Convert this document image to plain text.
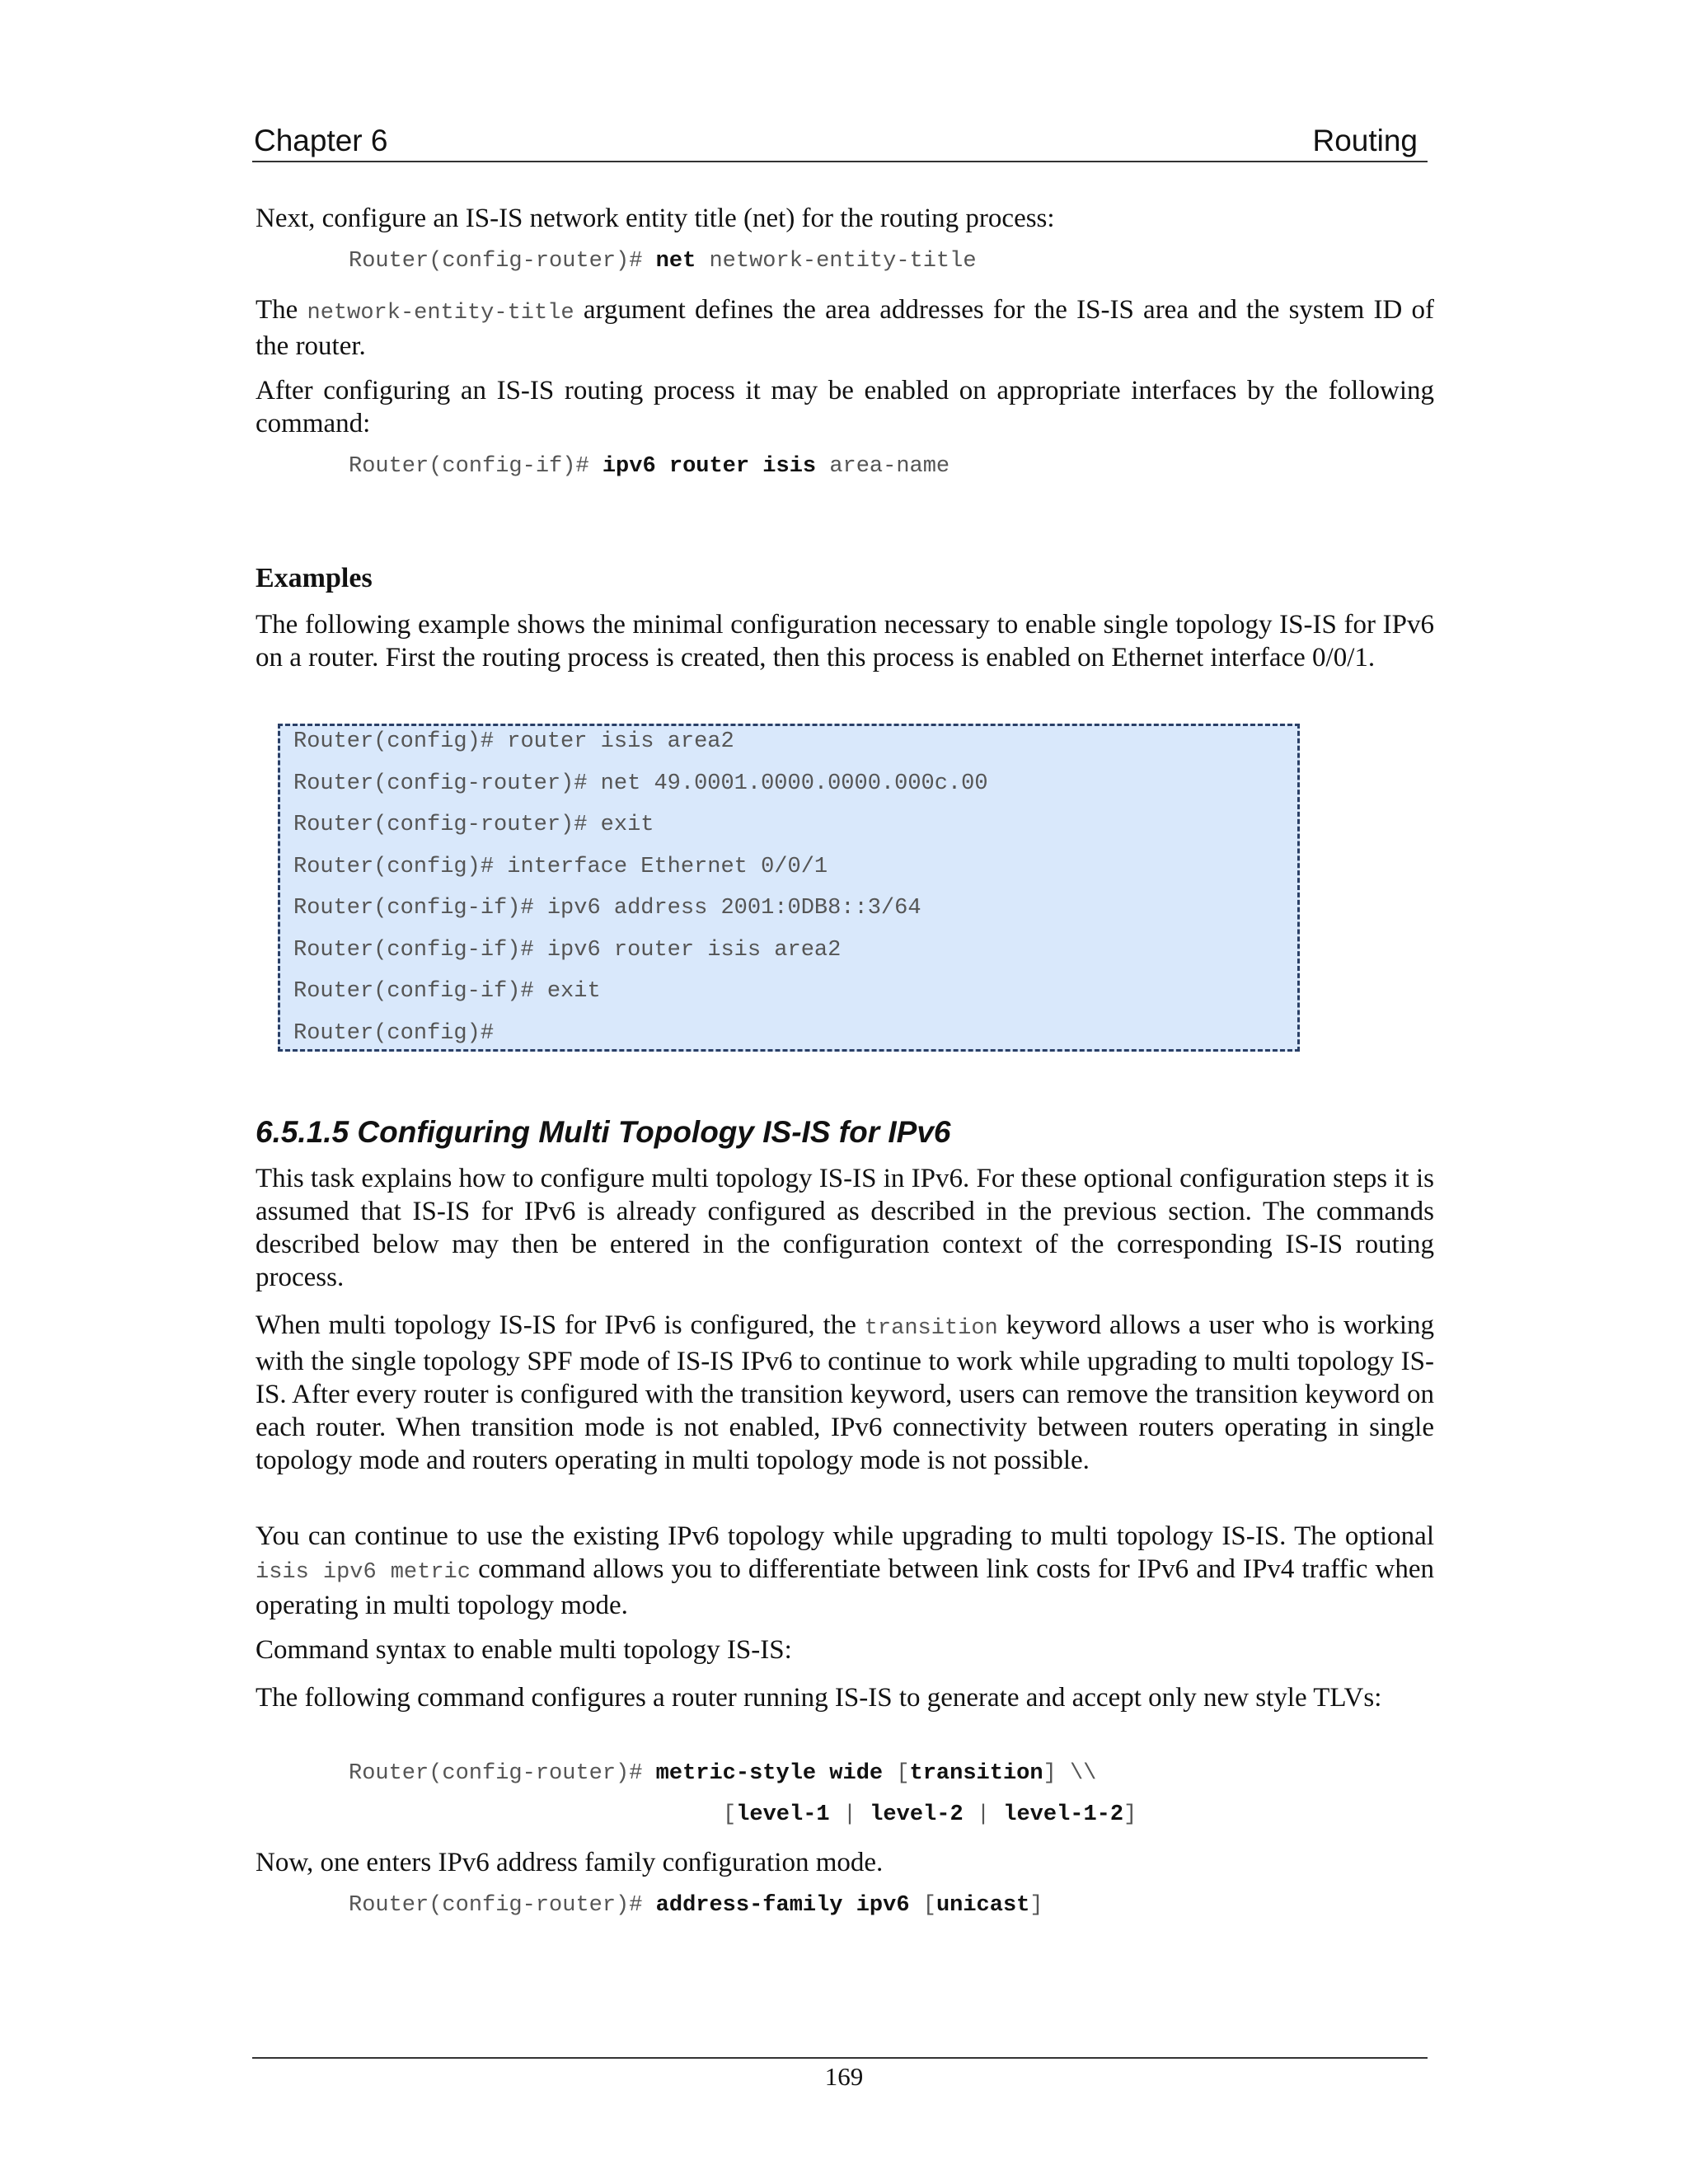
Chapter 6	Routing

Next, configure an IS-IS network entity title (net) for the routing process:

Router(config-router)# net network-entity-title

The network-entity-title argument defines the area addresses for the IS-IS area and the system ID of the router.

After configuring an IS-IS routing process it may be enabled on appropriate interfaces by the following command:

Router(config-if)# ipv6 router isis area-name
Examples

The following example shows the minimal configuration necessary to enable single topology IS-IS for IPv6 on a router. First the routing process is created, then this process is enabled on Ethernet interface 0/0/1.

Router(config)# router isis area2
Router(config-router)# net 49.0001.0000.0000.000c.00
Router(config-router)# exit
Router(config)# interface Ethernet 0/0/1
Router(config-if)# ipv6 address 2001:0DB8::3/64
Router(config-if)# ipv6 router isis area2
Router(config-if)# exit
Router(config)#
6.5.1.5 Configuring Multi Topology IS-IS for IPv6

This task explains how to configure multi topology IS-IS in IPv6. For these optional configuration steps it is assumed that IS-IS for IPv6 is already configured as described in the previous section. The commands described below may then be entered in the configuration context of the corresponding IS-IS routing process.

When multi topology IS-IS for IPv6 is configured, the transition keyword allows a user who is working with the single topology SPF mode of IS-IS IPv6 to continue to work while upgrading to multi topology IS-IS. After every router is configured with the transition keyword, users can remove the transition keyword on each router. When transition mode is not enabled, IPv6 connectivity between routers operating in single topology mode and routers operating in multi topology mode is not possible.

You can continue to use the existing IPv6 topology while upgrading to multi topology IS-IS. The optional isis ipv6 metric command allows you to differentiate between link costs for IPv6 and IPv4 traffic when operating in multi topology mode.

Command syntax to enable multi topology IS-IS:

The following command configures a router running IS-IS to generate and accept only new style TLVs:

Router(config-router)# metric-style wide [transition] \\
[level-1 | level-2 | level-1-2]

Now, one enters IPv6 address family configuration mode.

Router(config-router)# address-family ipv6 [unicast]
169
